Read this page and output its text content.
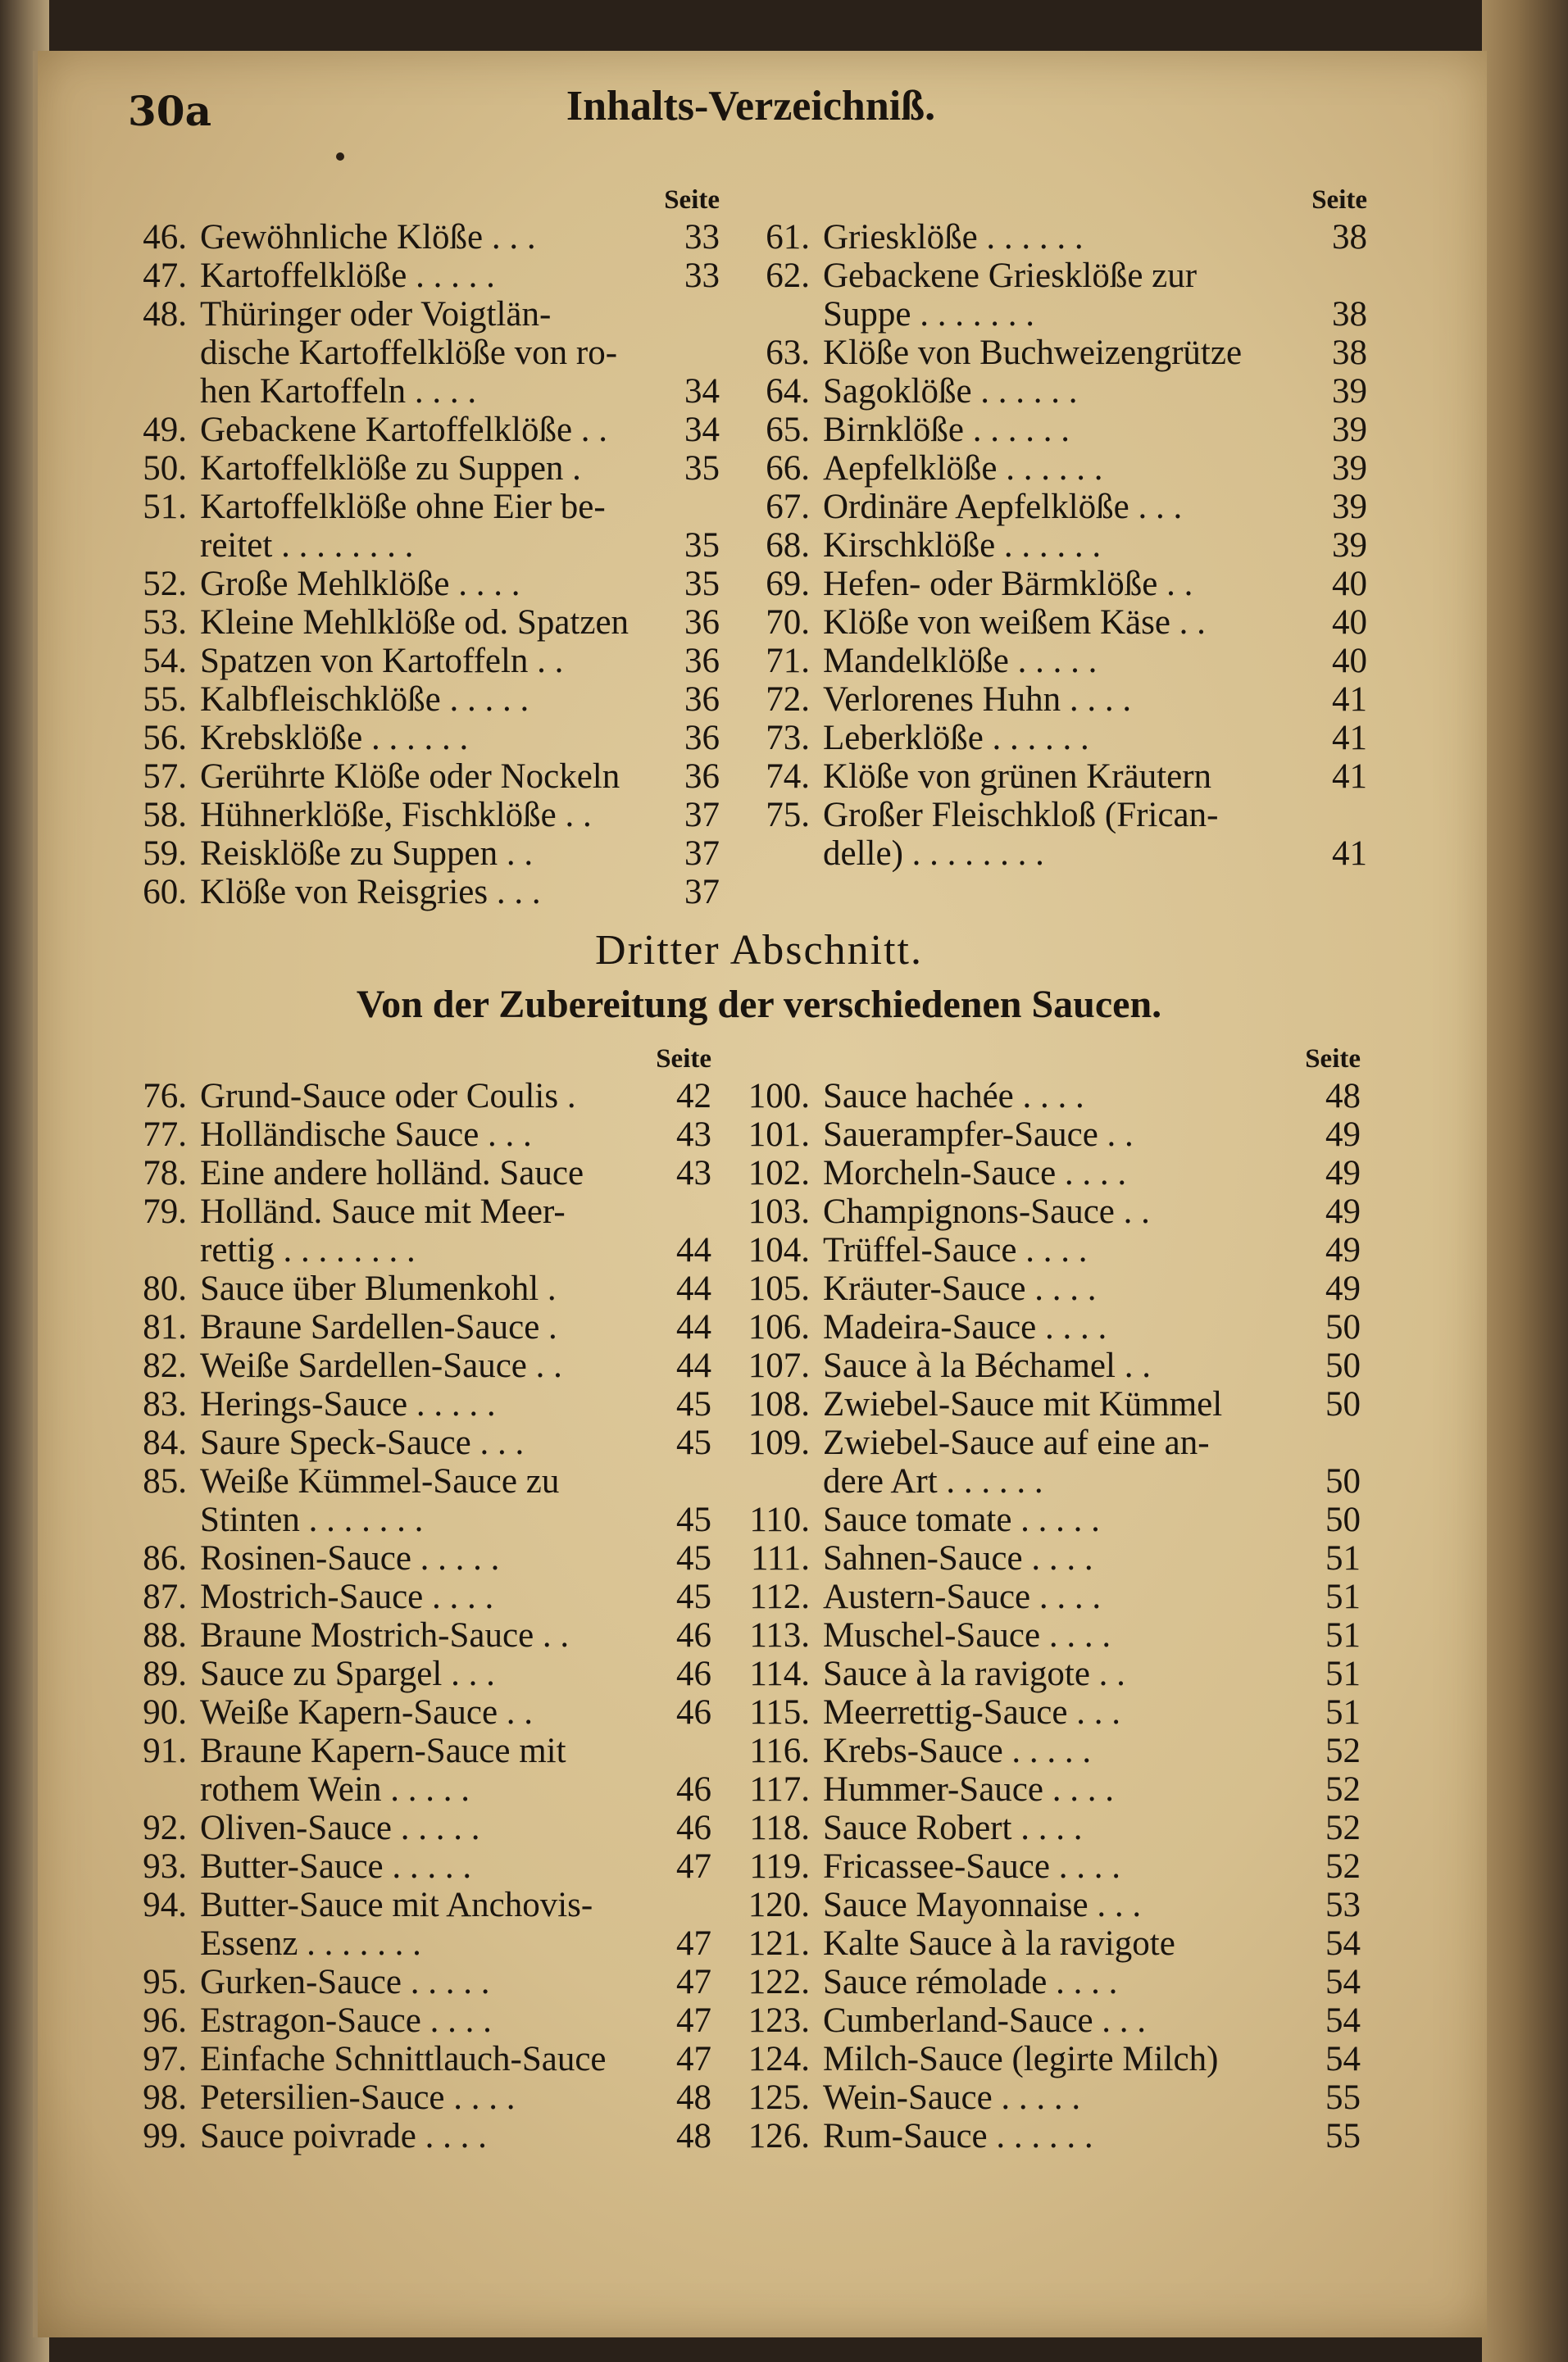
30a	Inhalts-Verzeichniß.
Seite
46. Gewöhnliche Klöße . . .	33
47. Kartoffelklöße . . . . .	33
48. Thüringer oder Voigtlän-
dische Kartoffelklöße von ro-
hen Kartoffeln . . . .	34
49. Gebackene Kartoffelklöße . .	34
50. Kartoffelklöße zu Suppen .	35
51. Kartoffelklöße ohne Eier be-
reitet . . . . . . . .	35
52. Große Mehlklöße . . . .	35
53. Kleine Mehlklöße od. Spatzen	36
54. Spatzen von Kartoffeln . .	36
55. Kalbfleischklöße . . . . .	36
56. Krebsklöße . . . . . .	36
57. Gerührte Klöße oder Nockeln	36
58. Hühnerklöße, Fischklöße . .	37
59. Reisklöße zu Suppen . .	37
60. Klöße von Reisgries . . .	37
Seite
61. Griesklöße . . . . . .	38
62. Gebackene Griesklöße zur
Suppe . . . . . . .	38
63. Klöße von Buchweizengrütze	38
64. Sagoklöße . . . . . .	39
65. Birnklöße . . . . . .	39
66. Aepfelklöße . . . . . .	39
67. Ordinäre Aepfelklöße . . .	39
68. Kirschklöße . . . . . .	39
69. Hefen- oder Bärmklöße . .	40
70. Klöße von weißem Käse . .	40
71. Mandelklöße . . . . .	40
72. Verlorenes Huhn . . . .	41
73. Leberklöße . . . . . .	41
74. Klöße von grünen Kräutern	41
75. Großer Fleischkloß (Frican-
delle) . . . . . . . .	41
Dritter Abschnitt.
Von der Zubereitung der verschiedenen Saucen.
Seite
76. Grund-Sauce oder Coulis .	42
77. Holländische Sauce . . .	43
78. Eine andere holländ. Sauce	43
79. Holländ. Sauce mit Meer-
rettig . . . . . . . .	44
80. Sauce über Blumenkohl .	44
81. Braune Sardellen-Sauce .	44
82. Weiße Sardellen-Sauce . .	44
83. Herings-Sauce . . . . .	45
84. Saure Speck-Sauce . . .	45
85. Weiße Kümmel-Sauce zu
Stinten . . . . . . .	45
86. Rosinen-Sauce . . . . .	45
87. Mostrich-Sauce . . . .	45
88. Braune Mostrich-Sauce . .	46
89. Sauce zu Spargel . . .	46
90. Weiße Kapern-Sauce . .	46
91. Braune Kapern-Sauce mit
rothem Wein . . . . .	46
92. Oliven-Sauce . . . . .	46
93. Butter-Sauce . . . . .	47
94. Butter-Sauce mit Anchovis-
Essenz . . . . . . .	47
95. Gurken-Sauce . . . . .	47
96. Estragon-Sauce . . . .	47
97. Einfache Schnittlauch-Sauce	47
98. Petersilien-Sauce . . . .	48
99. Sauce poivrade . . . .	48
Seite
100. Sauce hachée . . . .	48
101. Sauerampfer-Sauce . .	49
102. Morcheln-Sauce . . . .	49
103. Champignons-Sauce . .	49
104. Trüffel-Sauce . . . .	49
105. Kräuter-Sauce . . . .	49
106. Madeira-Sauce . . . .	50
107. Sauce à la Béchamel . .	50
108. Zwiebel-Sauce mit Kümmel	50
109. Zwiebel-Sauce auf eine an-
dere Art . . . . . .	50
110. Sauce tomate . . . . .	50
111. Sahnen-Sauce . . . .	51
112. Austern-Sauce . . . .	51
113. Muschel-Sauce . . . .	51
114. Sauce à la ravigote . .	51
115. Meerrettig-Sauce . . .	51
116. Krebs-Sauce . . . . .	52
117. Hummer-Sauce . . . .	52
118. Sauce Robert . . . .	52
119. Fricassee-Sauce . . . .	52
120. Sauce Mayonnaise . . .	53
121. Kalte Sauce à la ravigote	54
122. Sauce rémolade . . . .	54
123. Cumberland-Sauce . . .	54
124. Milch-Sauce (legirte Milch)	54
125. Wein-Sauce . . . . .	55
126. Rum-Sauce . . . . . .	55
